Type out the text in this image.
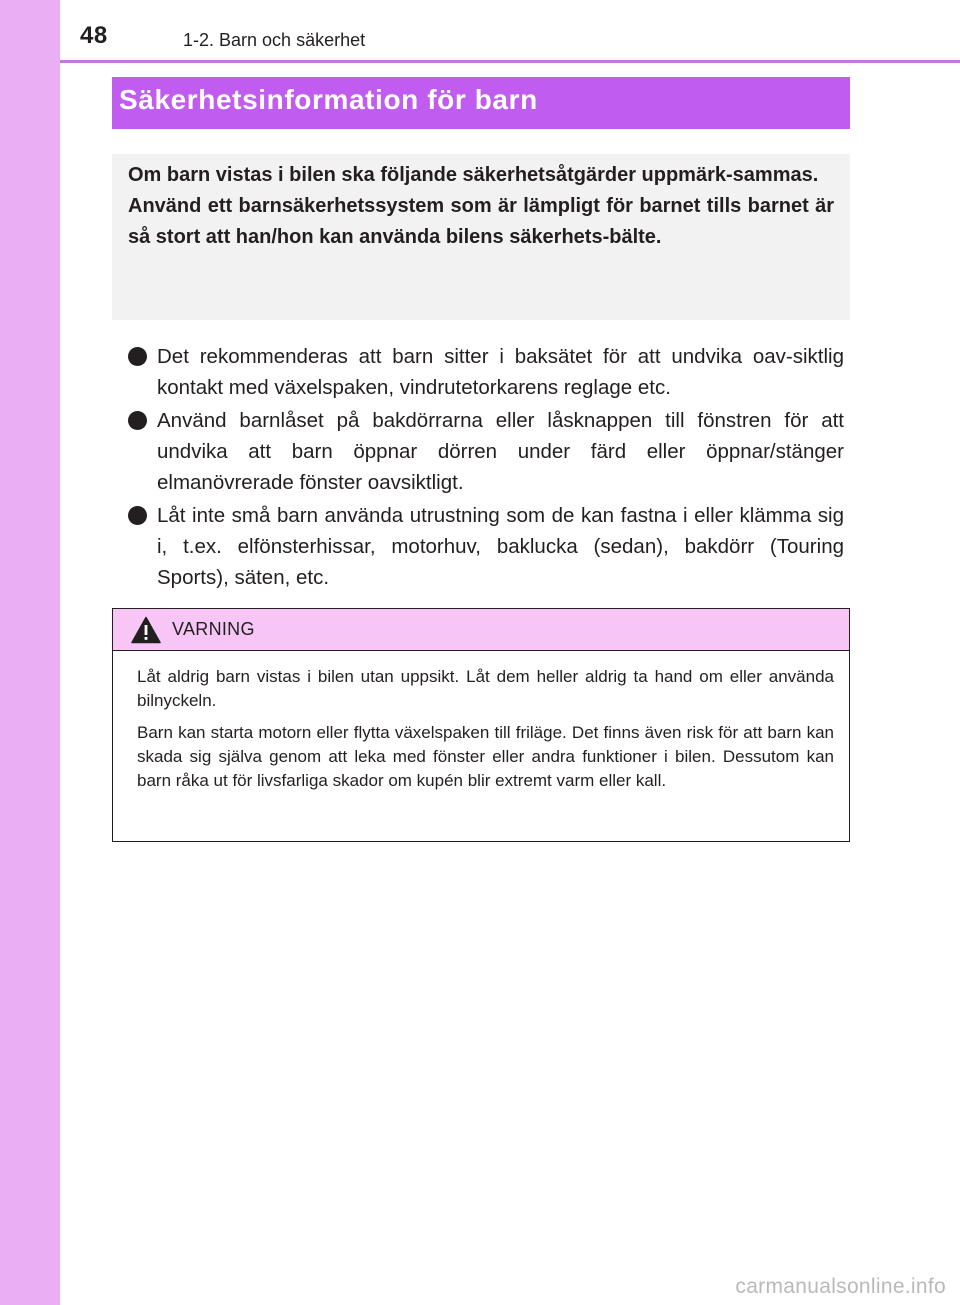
48	1-2. Barn och säkerhet
Säkerhetsinformation för barn

Om barn vistas i bilen ska följande säkerhetsåtgärder uppmärk-sammas.

Använd ett barnsäkerhetssystem som är lämpligt för barnet tills barnet är så stort att han/hon kan använda bilens säkerhets-bälte.

Det rekommenderas att barn sitter i baksätet för att undvika oav-siktlig kontakt med växelspaken, vindrutetorkarens reglage etc.
Använd barnlåset på bakdörrarna eller låsknappen till fönstren för att undvika att barn öppnar dörren under färd eller öppnar/stänger elmanövrerade fönster oavsiktligt.
Låt inte små barn använda utrustning som de kan fastna i eller klämma sig i, t.ex. elfönsterhissar, motorhuv, baklucka (sedan), bakdörr (Touring Sports), säten, etc.
VARNING

Låt aldrig barn vistas i bilen utan uppsikt. Låt dem heller aldrig ta hand om eller använda bilnyckeln.

Barn kan starta motorn eller flytta växelspaken till friläge. Det finns även risk för att barn kan skada sig själva genom att leka med fönster eller andra funktioner i bilen. Dessutom kan barn råka ut för livsfarliga skador om kupén blir extremt varm eller kall.

carmanualsonline.info
